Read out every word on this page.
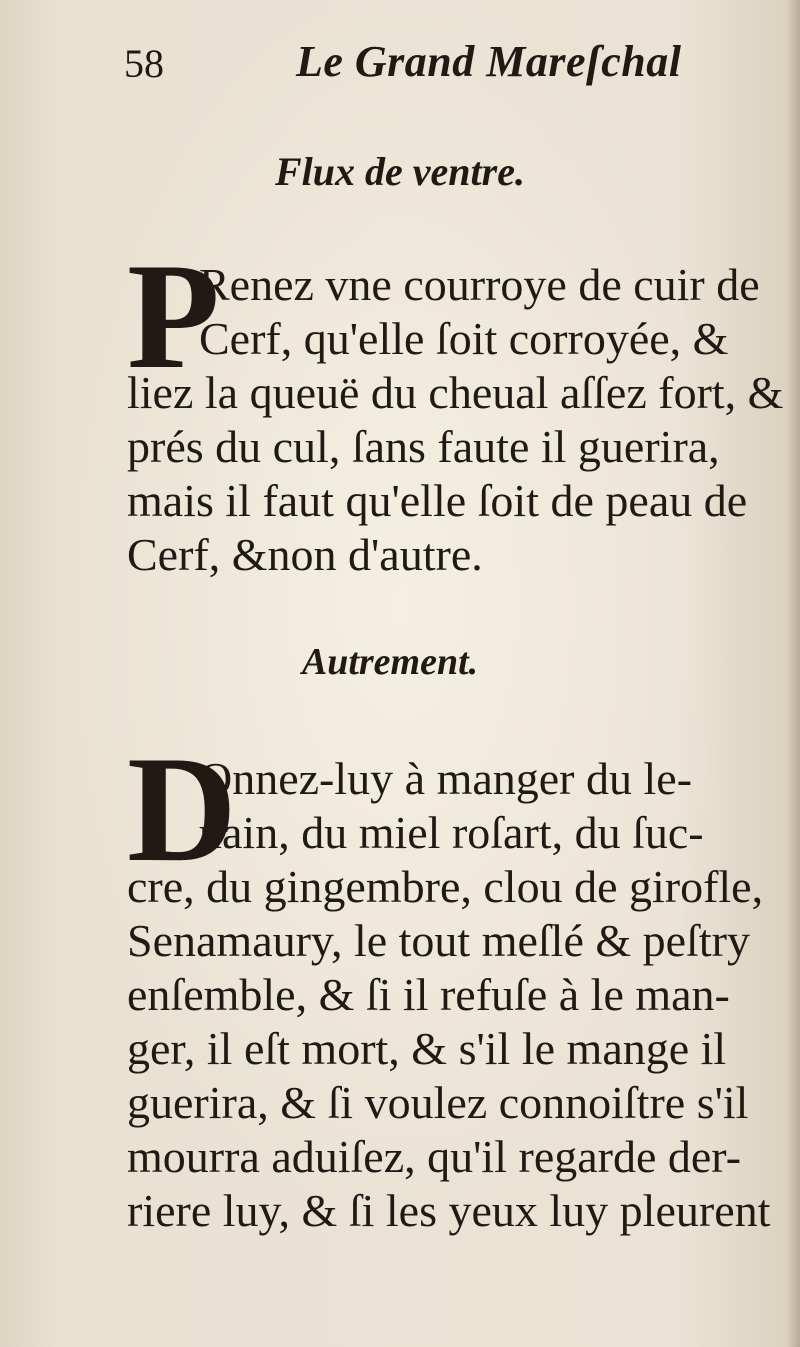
58	Le Grand Mareſchal
Flux de ventre.
P
Renez vne courroye de cuir de
Cerf, qu'elle ſoit corroyée, &
liez la queuë du cheual aſſez fort, &
prés du cul, ſans faute il guerira,
mais il faut qu'elle ſoit de peau de
Cerf, &non d'autre.
Autrement.
D
Onnez-luy à manger du le-
uain, du miel roſart, du ſuc-
cre, du gingembre, clou de girofle,
Senamaury, le tout meſlé & peſtry
enſemble, & ſi il refuſe à le man-
ger, il eſt mort, & s'il le mange il
guerira, & ſi voulez connoiſtre s'il
mourra aduiſez, qu'il regarde der-
riere luy, & ſi les yeux luy pleurent
